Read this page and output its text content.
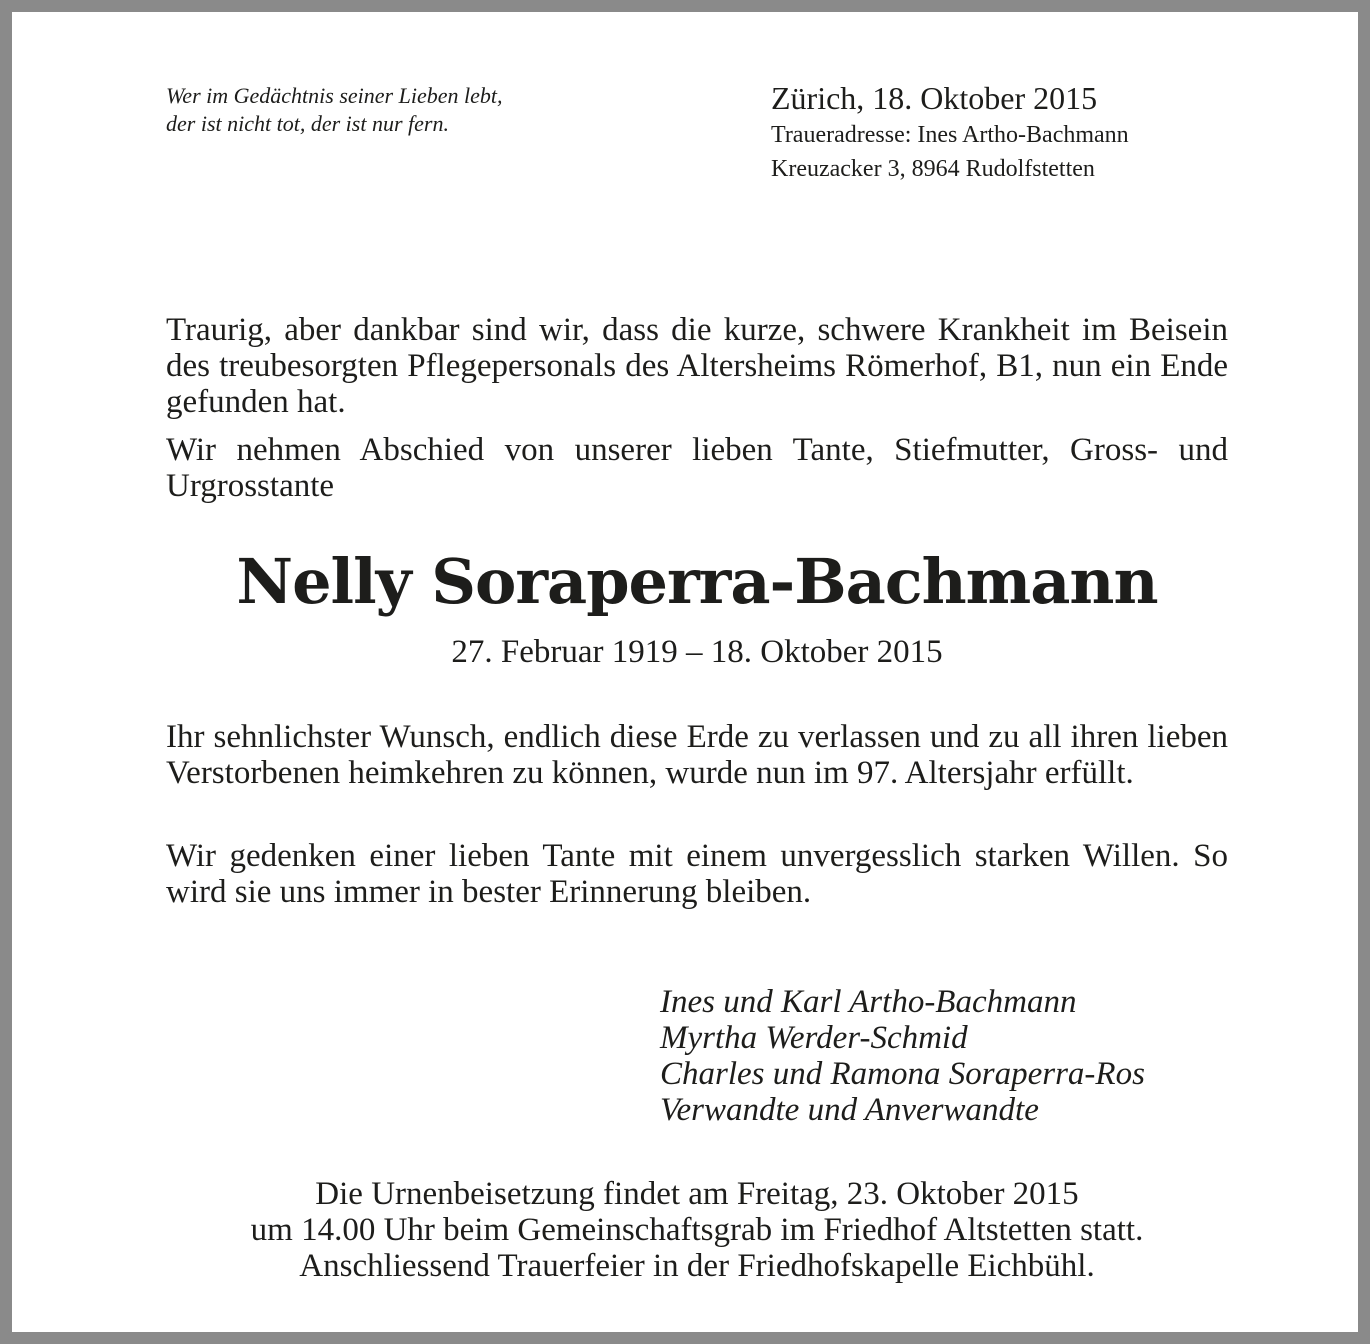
Wer im Gedächtnis seiner Lieben lebt,
der ist nicht tot, der ist nur fern.
Zürich, 18. Oktober 2015
Traueradresse: Ines Artho-Bachmann
Kreuzacker 3, 8964 Rudolfstetten
Traurig, aber dankbar sind wir, dass die kurze, schwere Krankheit im Beisein des treubesorgten Pflegepersonals des Altersheims Römerhof, B1, nun ein Ende gefunden hat.
Wir nehmen Abschied von unserer lieben Tante, Stiefmutter, Gross- und Urgrosstante
Nelly Soraperra-Bachmann
27. Februar 1919 – 18. Oktober 2015
Ihr sehnlichster Wunsch, endlich diese Erde zu verlassen und zu all ihren lieben Verstorbenen heimkehren zu können, wurde nun im 97. Altersjahr erfüllt.
Wir gedenken einer lieben Tante mit einem unvergesslich starken Willen. So wird sie uns immer in bester Erinnerung bleiben.
Ines und Karl Artho-Bachmann
Myrtha Werder-Schmid
Charles und Ramona Soraperra-Ros
Verwandte und Anverwandte
Die Urnenbeisetzung findet am Freitag, 23. Oktober 2015
um 14.00 Uhr beim Gemeinschaftsgrab im Friedhof Altstetten statt.
Anschliessend Trauerfeier in der Friedhofskapelle Eichbühl.
